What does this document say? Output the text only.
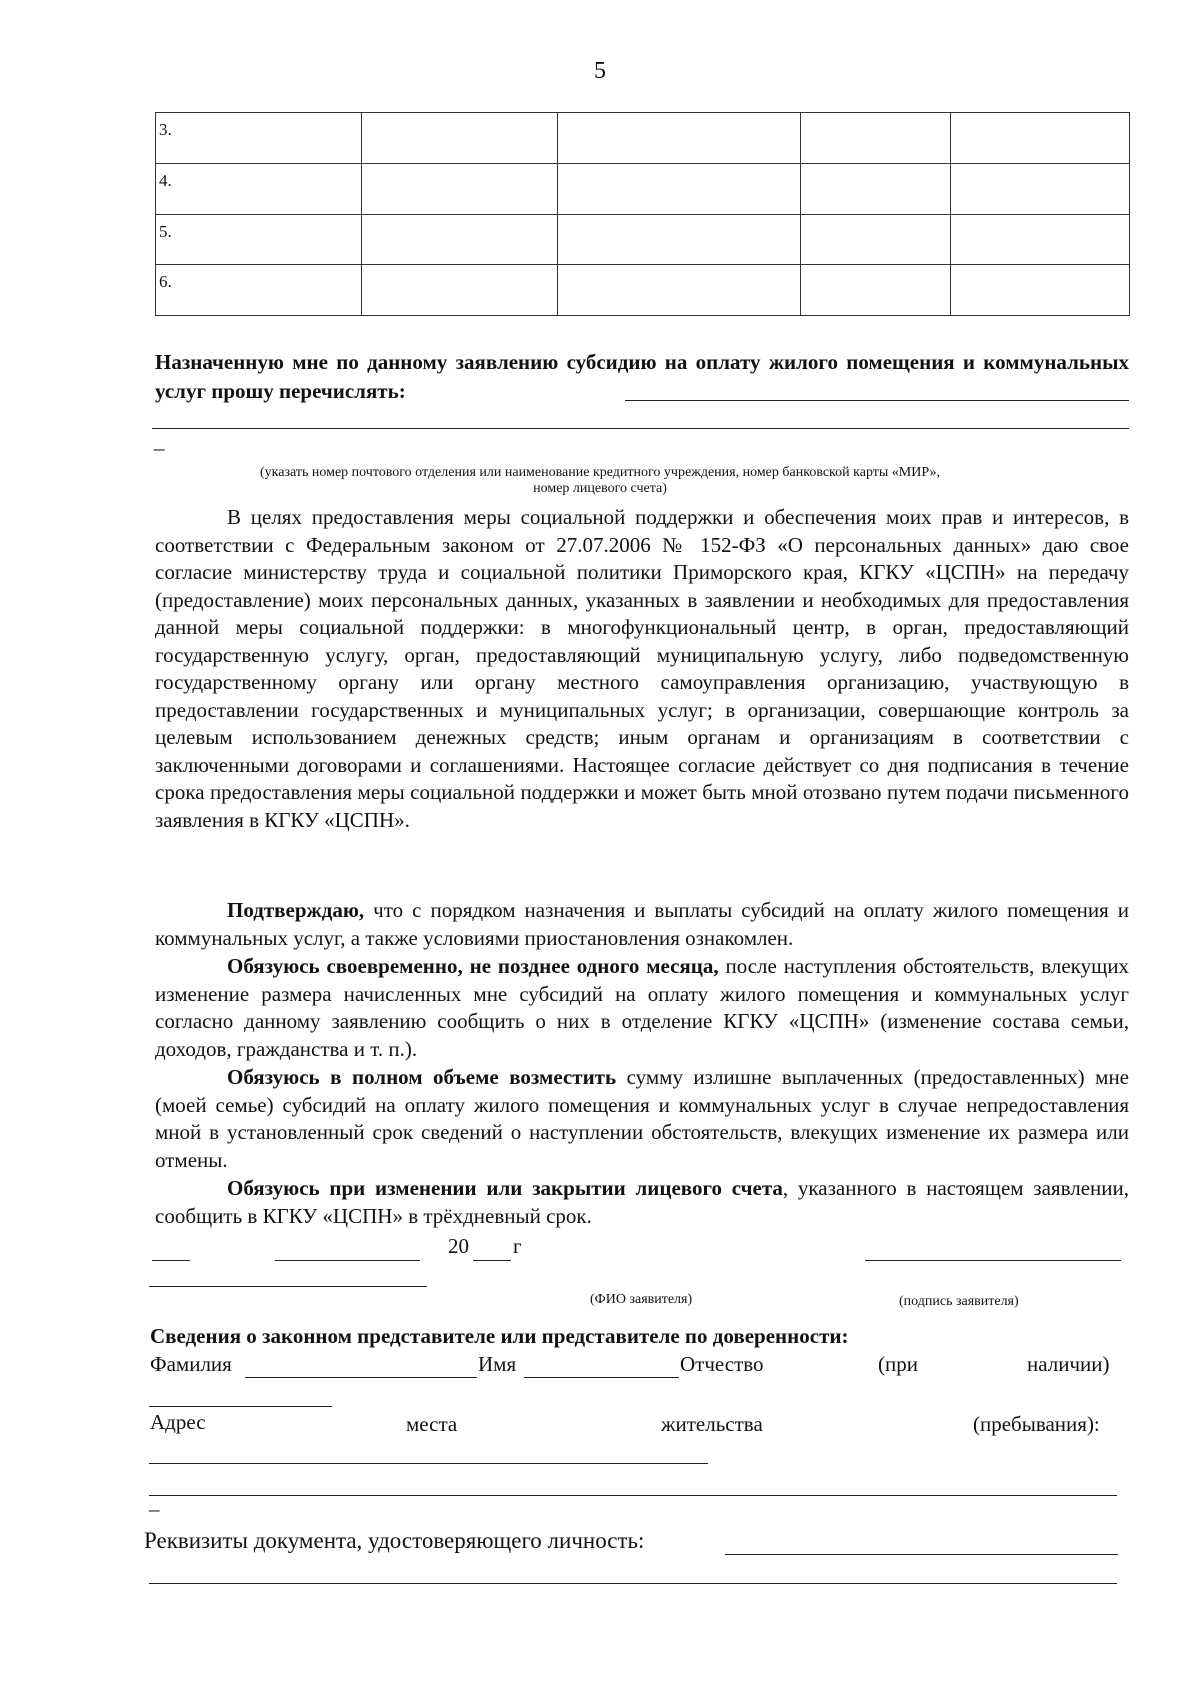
5
3.				
4.				
5.				
6.				

Назначенную мне по данному заявлению субсидию на оплату жилого помещения и коммунальных услуг прошу перечислять:

–
(указать номер почтового отделения или наименование кредитного учреждения, номер банковской карты «МИР»,
номер лицевого счета)

В целях предоставления меры социальной поддержки и обеспечения моих прав и интересов, в соответствии с Федеральным законом от 27.07.2006 № 152-ФЗ «О персональных данных» даю свое согласие министерству труда и социальной политики Приморского края, КГКУ «ЦСПН» на передачу (предоставление) моих персональных данных, указанных в заявлении и необходимых для предоставления данной меры социальной поддержки: в многофункциональный центр, в орган, предоставляющий государственную услугу, орган, предоставляющий муниципальную услугу, либо подведомственную государственному органу или органу местного самоуправления организацию, участвующую в предоставлении государственных и муниципальных услуг; в организации, совершающие контроль за целевым использованием денежных средств; иным органам и организациям в соответствии с заключенными договорами и соглашениями. Настоящее согласие действует со дня подписания в течение срока предоставления меры социальной поддержки и может быть мной отозвано путем подачи письменного заявления в КГКУ «ЦСПН».

Подтверждаю, что с порядком назначения и выплаты субсидий на оплату жилого помещения и коммунальных услуг, а также условиями приостановления ознакомлен.

Обязуюсь своевременно, не позднее одного месяца, после наступления обстоятельств, влекущих изменение размера начисленных мне субсидий на оплату жилого помещения и коммунальных услуг согласно данному заявлению сообщить о них в отделение КГКУ «ЦСПН» (изменение состава семьи, доходов, гражданства и т. п.).

Обязуюсь в полном объеме возместить сумму излишне выплаченных (предоставленных) мне (моей семье) субсидий на оплату жилого помещения и коммунальных услуг в случае непредоставления мной в установленный срок сведений о наступлении обстоятельств, влекущих изменение их размера или отмены.

Обязуюсь при изменении или закрытии лицевого счета, указанного в настоящем заявлении, сообщить в КГКУ «ЦСПН» в трёхдневный срок.

20 г
(ФИО заявителя)	(подпись заявителя)
Сведения о законном представителе или представителе по доверенности:
Фамилия	Имя	Отчество	(при	наличии)
Адрес	места	жительства	(пребывания):
–
Реквизиты документа, удостоверяющего личность:
